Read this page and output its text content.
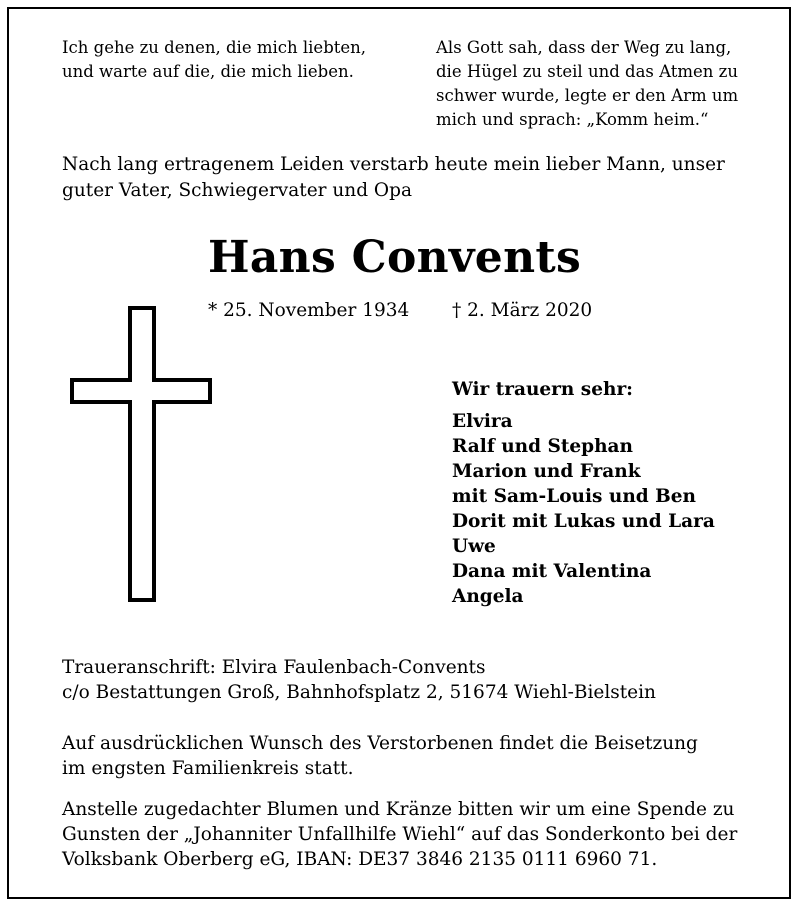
Ich gehe zu denen, die mich liebten,
und warte auf die, die mich lieben.
Als Gott sah, dass der Weg zu lang,
die Hügel zu steil und das Atmen zu
schwer wurde, legte er den Arm um
mich und sprach: „Komm heim.“
Nach lang ertragenem Leiden verstarb heute mein lieber Mann, unser
guter Vater, Schwiegervater und Opa
Hans Convents
* 25. November 1934 † 2. März 2020
Wir trauern sehr:
Elvira
Ralf und Stephan
Marion und Frank
mit Sam-Louis und Ben
Dorit mit Lukas und Lara
Uwe
Dana mit Valentina
Angela
Traueranschrift: Elvira Faulenbach-Convents
c/o Bestattungen Groß, Bahnhofsplatz 2, 51674 Wiehl-Bielstein
Auf ausdrücklichen Wunsch des Verstorbenen findet die Beisetzung
im engsten Familienkreis statt.
Anstelle zugedachter Blumen und Kränze bitten wir um eine Spende zu
Gunsten der „Johanniter Unfallhilfe Wiehl“ auf das Sonderkonto bei der
Volksbank Oberberg eG, IBAN: DE37 3846 2135 0111 6960 71.
